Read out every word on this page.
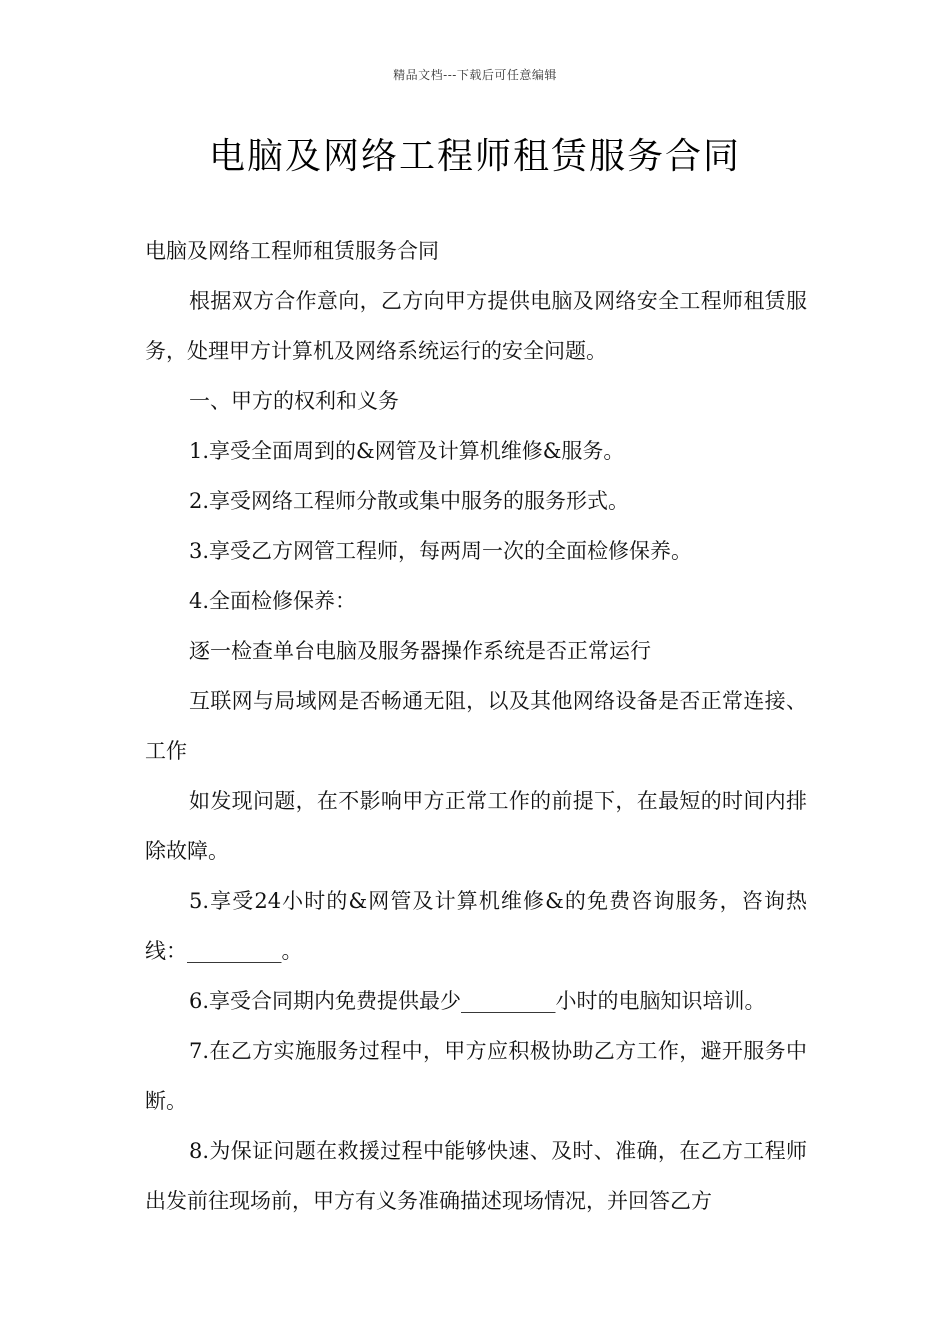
精品文档---下载后可任意编辑
电脑及网络工程师租赁服务合同

电脑及网络工程师租赁服务合同

根据双方合作意向，乙方向甲方提供电脑及网络安全工程师租赁服务，处理甲方计算机及网络系统运行的安全问题。

一、甲方的权利和义务

1.享受全面周到的&网管及计算机维修&服务。

2.享受网络工程师分散或集中服务的服务形式。

3.享受乙方网管工程师，每两周一次的全面检修保养。

4.全面检修保养：

逐一检查单台电脑及服务器操作系统是否正常运行

互联网与局域网是否畅通无阻，以及其他网络设备是否正常连接、工作

如发现问题，在不影响甲方正常工作的前提下，在最短的时间内排除故障。

5.享受24小时的&网管及计算机维修&的免费咨询服务，咨询热线：_________。

6.享受合同期内免费提供最少_________小时的电脑知识培训。

7.在乙方实施服务过程中，甲方应积极协助乙方工作，避开服务中断。

8.为保证问题在救援过程中能够快速、及时、准确，在乙方工程师出发前往现场前，甲方有义务准确描述现场情况，并回答乙方
